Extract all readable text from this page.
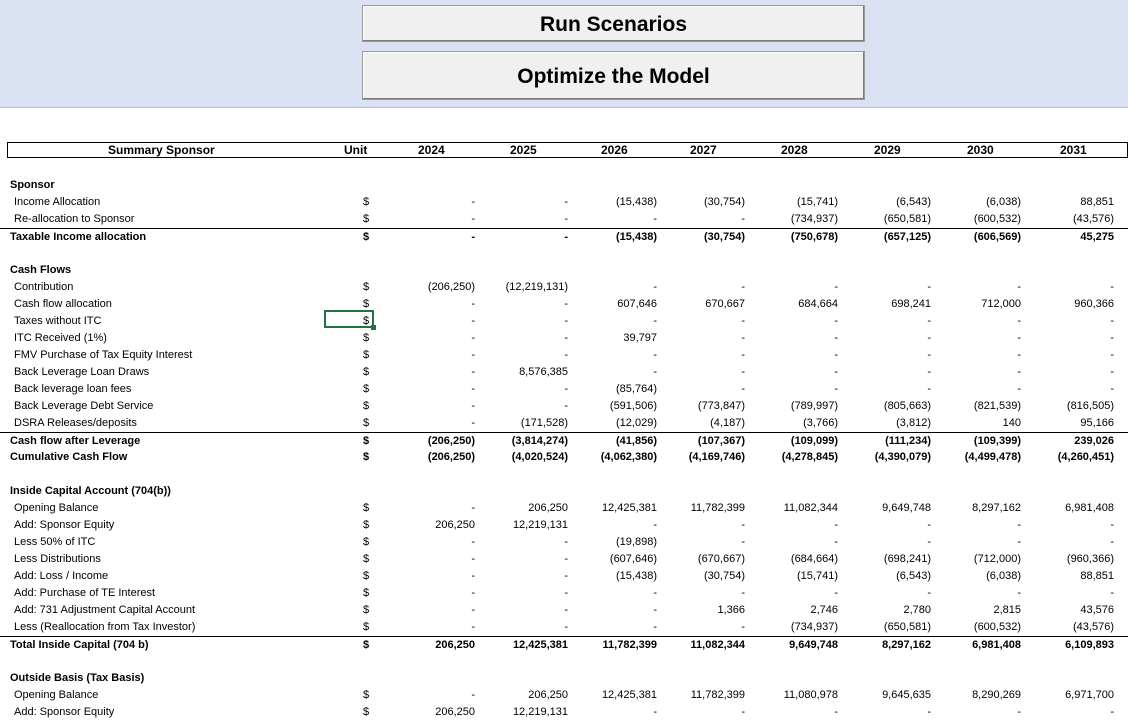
Run Scenarios
Optimize the Model
Summary Sponsor	Unit	2024	2025	2026	2027	2028	2029	2030	2031
Sponsor
Income Allocation	$	-	-	(15,438)	(30,754)	(15,741)	(6,543)	(6,038)	88,851
Re-allocation to Sponsor	$	-	-	-	-	(734,937)	(650,581)	(600,532)	(43,576)
Taxable Income allocation	$	-	-	(15,438)	(30,754)	(750,678)	(657,125)	(606,569)	45,275
Cash Flows
Contribution	$	(206,250)	(12,219,131)	-	-	-	-	-	-
Cash flow allocation	$	-	-	607,646	670,667	684,664	698,241	712,000	960,366
Taxes without ITC	$	-	-	-	-	-	-	-	-
ITC Received (1%)	$	-	-	39,797	-	-	-	-	-
FMV Purchase of Tax Equity Interest	$	-	-	-	-	-	-	-	-
Back Leverage Loan Draws	$	-	8,576,385	-	-	-	-	-	-
Back leverage loan fees	$	-	-	(85,764)	-	-	-	-	-
Back Leverage Debt Service	$	-	-	(591,506)	(773,847)	(789,997)	(805,663)	(821,539)	(816,505)
DSRA Releases/deposits	$	-	(171,528)	(12,029)	(4,187)	(3,766)	(3,812)	140	95,166
Cash flow after Leverage	$	(206,250)	(3,814,274)	(41,856)	(107,367)	(109,099)	(111,234)	(109,399)	239,026
Cumulative Cash Flow	$	(206,250)	(4,020,524)	(4,062,380)	(4,169,746)	(4,278,845)	(4,390,079)	(4,499,478)	(4,260,451)
Inside Capital Account (704(b))
Opening Balance	$	-	206,250	12,425,381	11,782,399	11,082,344	9,649,748	8,297,162	6,981,408
Add: Sponsor Equity	$	206,250	12,219,131	-	-	-	-	-	-
Less 50% of ITC	$	-	-	(19,898)	-	-	-	-	-
Less Distributions	$	-	-	(607,646)	(670,667)	(684,664)	(698,241)	(712,000)	(960,366)
Add: Loss / Income	$	-	-	(15,438)	(30,754)	(15,741)	(6,543)	(6,038)	88,851
Add: Purchase of TE Interest	$	-	-	-	-	-	-	-	-
Add: 731 Adjustment Capital Account	$	-	-	-	1,366	2,746	2,780	2,815	43,576
Less (Reallocation from Tax Investor)	$	-	-	-	-	(734,937)	(650,581)	(600,532)	(43,576)
Total Inside Capital (704 b)	$	206,250	12,425,381	11,782,399	11,082,344	9,649,748	8,297,162	6,981,408	6,109,893
Outside Basis (Tax Basis)
Opening Balance	$	-	206,250	12,425,381	11,782,399	11,080,978	9,645,635	8,290,269	6,971,700
Add: Sponsor Equity	$	206,250	12,219,131	-	-	-	-	-	-
